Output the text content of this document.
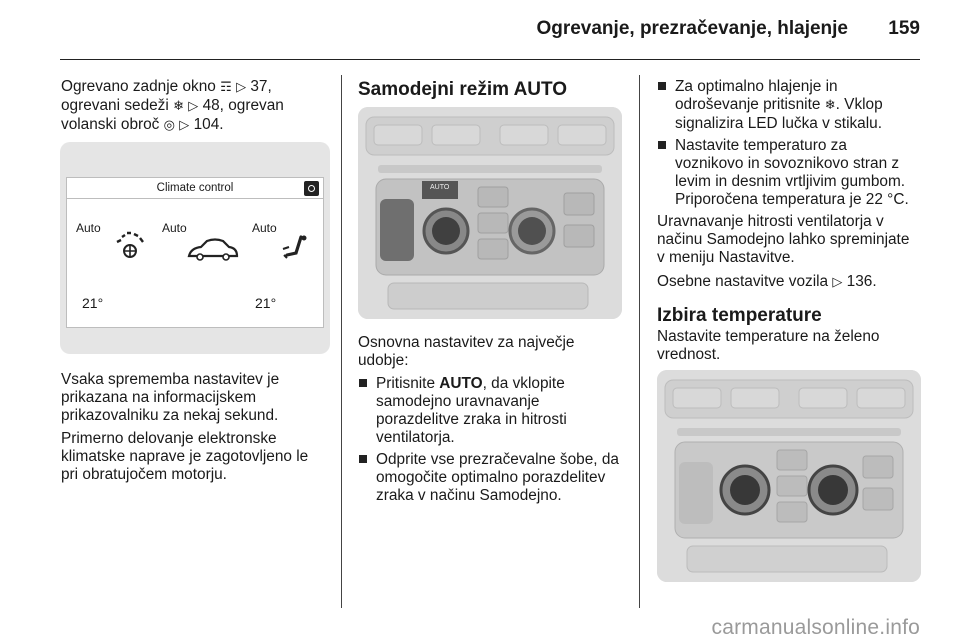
Ogrevanje, prezračevanje, hlajenje 159
Ogrevano zadnje okno ☶ ▷ 37,
ogrevani sedeži ❄ ▷ 48, ogrevan
volanski obroč ◎ ▷ 104.
Climate control
Auto	Auto	Auto
21°	21°
Vsaka sprememba nastavitev je
prikazana na informacijskem
prikazovalniku za nekaj sekund.
Primerno delovanje elektronske
klimatske naprave je zagotovljeno le
pri obratujočem motorju.
Samodejni režim AUTO
AUTO
Osnovna nastavitev za največje
udobje:
Pritisnite AUTO, da vklopite
samodejno uravnavanje
porazdelitve zraka in hitrosti
ventilatorja.
Odprite vse prezračevalne šobe, da
omogočite optimalno porazdelitev
zraka v načinu Samodejno.
Za optimalno hlajenje in
odroševanje pritisnite ❄. Vklop
signalizira LED lučka v stikalu.
Nastavite temperaturo za
voznikovo in sovoznikovo stran z
levim in desnim vrtljivim gumbom.
Priporočena temperatura je 22 °C.
Uravnavanje hitrosti ventilatorja v
načinu Samodejno lahko spreminjate
v meniju Nastavitve.
Osebne nastavitve vozila ▷ 136.
Izbira temperature
Nastavite temperature na želeno
vrednost.
carmanualsonline.info
